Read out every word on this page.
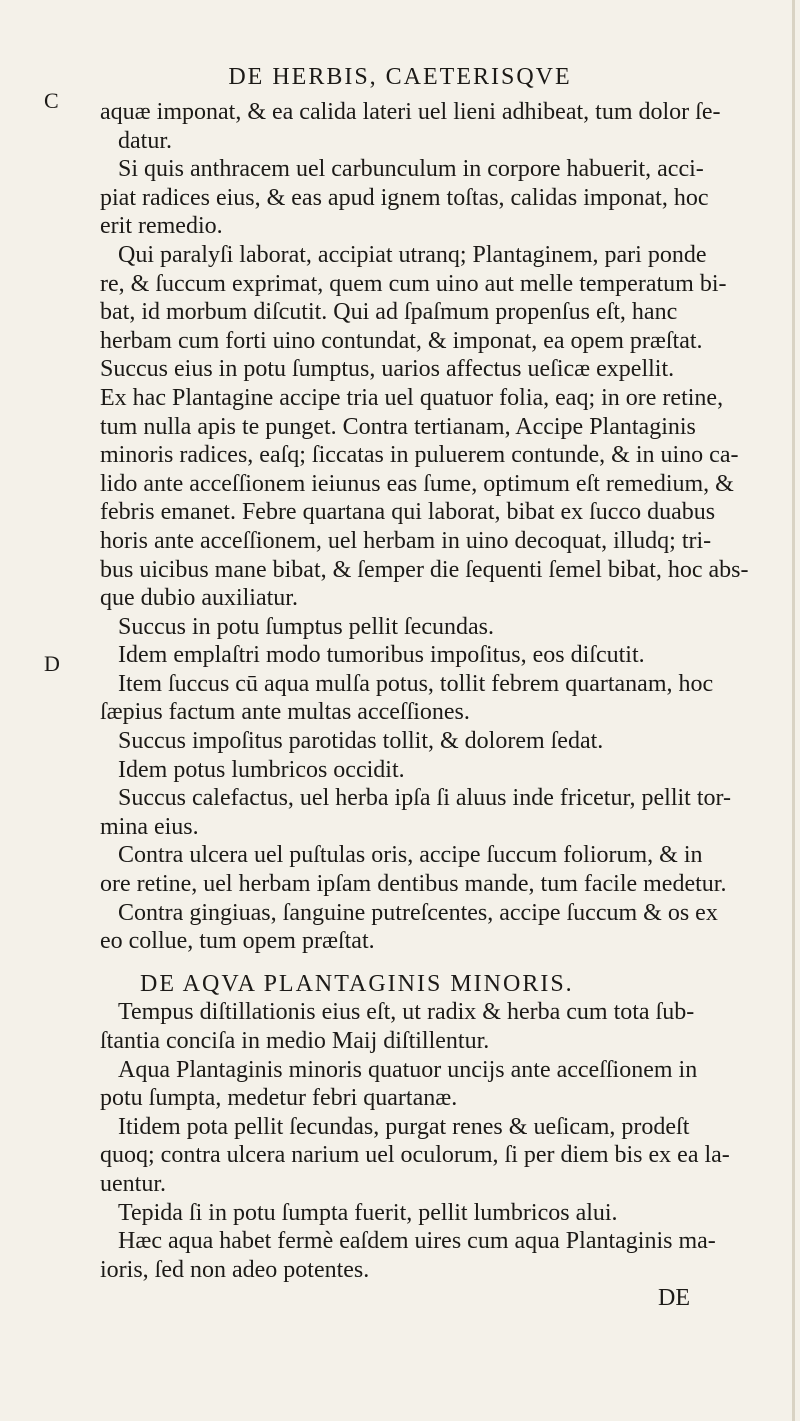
DE HERBIS, CAETERISQVE
C
D
aquæ imponat, & ea calida lateri uel lieni adhibeat, tum dolor ſe-
datur.
Si quis anthracem uel carbunculum in corpore habuerit, acci-
piat radices eius, & eas apud ignem toſtas, calidas imponat, hoc
erit remedio.
Qui paralyſi laborat, accipiat utranq; Plantaginem, pari ponde
re, & ſuccum exprimat, quem cum uino aut melle temperatum bi-
bat, id morbum diſcutit. Qui ad ſpaſmum propenſus eſt, hanc
herbam cum forti uino contundat, & imponat, ea opem præſtat.
Succus eius in potu ſumptus, uarios affectus ueſicæ expellit.
Ex hac Plantagine accipe tria uel quatuor folia, eaq; in ore retine,
tum nulla apis te punget. Contra tertianam, Accipe Plantaginis
minoris radices, eaſq; ſiccatas in puluerem contunde, & in uino ca-
lido ante acceſſionem ieiunus eas ſume, optimum eſt remedium, &
febris emanet. Febre quartana qui laborat, bibat ex ſucco duabus
horis ante acceſſionem, uel herbam in uino decoquat, illudq; tri-
bus uicibus mane bibat, & ſemper die ſequenti ſemel bibat, hoc abs-
que dubio auxiliatur.
Succus in potu ſumptus pellit ſecundas.
Idem emplaſtri modo tumoribus impoſitus, eos diſcutit.
Item ſuccus cū aqua mulſa potus, tollit febrem quartanam, hoc
ſæpius factum ante multas acceſſiones.
Succus impoſitus parotidas tollit, & dolorem ſedat.
Idem potus lumbricos occidit.
Succus calefactus, uel herba ipſa ſi aluus inde fricetur, pellit tor-
mina eius.
Contra ulcera uel puſtulas oris, accipe ſuccum foliorum, & in
ore retine, uel herbam ipſam dentibus mande, tum facile medetur.
Contra gingiuas, ſanguine putreſcentes, accipe ſuccum & os ex
eo collue, tum opem præſtat.
DE AQVA PLANTAGINIS MINORIS.
Tempus diſtillationis eius eſt, ut radix & herba cum tota ſub-
ſtantia conciſa in medio Maij diſtillentur.
Aqua Plantaginis minoris quatuor uncijs ante acceſſionem in
potu ſumpta, medetur febri quartanæ.
Itidem pota pellit ſecundas, purgat renes & ueſicam, prodeſt
quoq; contra ulcera narium uel oculorum, ſi per diem bis ex ea la-
uentur.
Tepida ſi in potu ſumpta fuerit, pellit lumbricos alui.
Hæc aqua habet fermè eaſdem uires cum aqua Plantaginis ma-
ioris, ſed non adeo potentes.
DE
